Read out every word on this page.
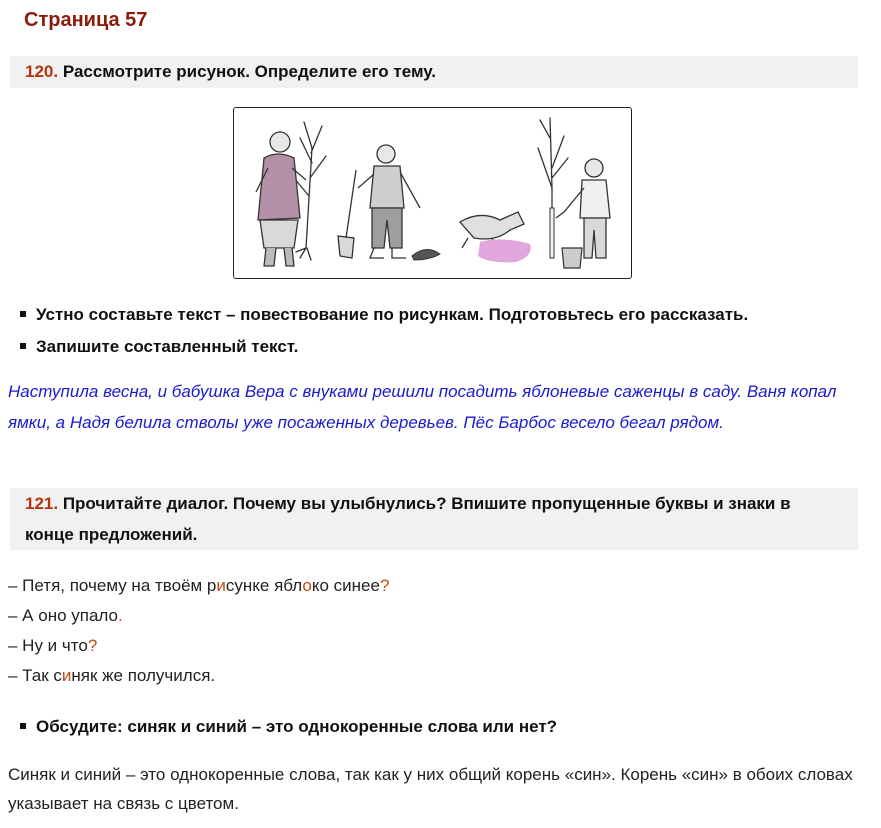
Страница 57
120. Рассмотрите рисунок. Определите его тему.
Устно составьте текст – повествование по рисункам. Подготовьтесь его рассказать.
Запишите составленный текст.

Наступила весна, и бабушка Вера с внуками решили посадить яблоневые саженцы в саду. Ваня копал ямки, а Надя белила стволы уже посаженных деревьев. Пёс Барбос весело бегал рядом.

121. Прочитайте диалог. Почему вы улыбнулись? Впишите пропущенные буквы и знаки в конце предложений.
– Петя, почему на твоём рисунке яблоко синее?
– А оно упало.
– Ну и что?
– Так синяк же получился.
Обсудите: синяк и синий – это однокоренные слова или нет?

Синяк и синий – это однокоренные слова, так как у них общий корень «син». Корень «син» в обоих словах указывает на связь с цветом.
